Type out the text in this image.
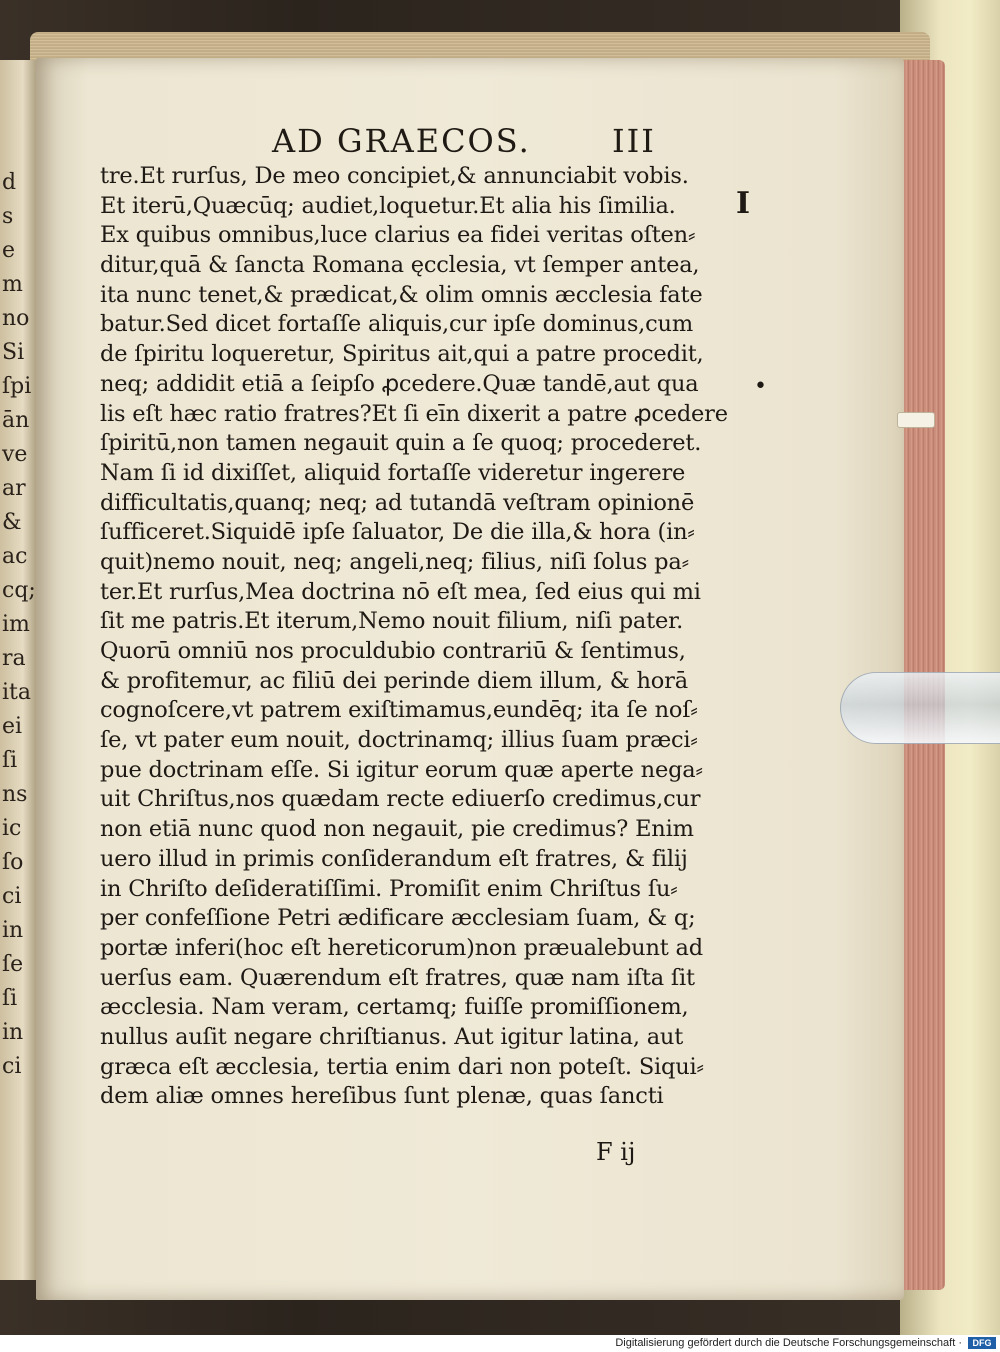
d
s
e
m
no
Si
ſpi
ān
ve
ar
&
ac
cq;
im
ra
ita
ei
ſi
ns
ic
ſo
ci
in
ſe
ſi
in
ci
AD GRAECOS.	III
tre.Et rurſus, De meo concipiet,& annunciabit vobis.
Et iterū,Quæcūq; audiet,loquetur.Et alia his ſimilia.
Ex quibus omnibus,luce clarius ea fidei veritas oſten⸗
ditur,quā & ſancta Romana ęcclesia, vt ſemper antea,
ita nunc tenet,& prædicat,& olim omnis æcclesia fate
batur.Sed dicet fortaſſe aliquis,cur ipſe dominus,cum
de ſpiritu loqueretur, Spiritus ait,qui a patre procedit,
neq; addidit etiā a ſeipſo ꝓcedere.Quæ tandē,aut qua
lis eſt hæc ratio fratres?Et ſi eīn dixerit a patre ꝓcedere
ſpiritū,non tamen negauit quin a ſe quoq; procederet.
Nam ſi id dixiſſet, aliquid fortaſſe videretur ingerere
difficultatis,quanq; neq; ad tutandā veſtram opinionē
ſufficeret.Siquidē ipſe ſaluator, De die illa,& hora (in⸗
quit)nemo nouit, neq; angeli,neq; filius, niſi ſolus pa⸗
ter.Et rurſus,Mea doctrina nō eſt mea, ſed eius qui mi
ſit me patris.Et iterum,Nemo nouit filium, niſi pater.
Quorū omniū nos proculdubio contrariū & ſentimus,
& profitemur, ac filiū dei perinde diem illum, & horā
cognoſcere,vt patrem exiſtimamus,eundēq; ita ſe noſ⸗
ſe, vt pater eum nouit, doctrinamq; illius ſuam præci⸗
pue doctrinam eſſe. Si igitur eorum quæ aperte nega⸗
uit Chriſtus,nos quædam recte ediuerſo credimus,cur
non etiā nunc quod non negauit, pie credimus? Enim
uero illud in primis conſiderandum eſt fratres, & filij
in Chriſto deſideratiſſimi. Promiſit enim Chriſtus ſu⸗
per confeſſione Petri ædificare æcclesiam ſuam, & q;
portæ inferi(hoc eſt hereticorum)non præualebunt ad
uerſus eam. Quærendum eſt fratres, quæ nam iſta ſit
æcclesia. Nam veram, certamq; fuiſſe promiſſionem,
nullus auſit negare chriſtianus. Aut igitur latina, aut
græca eſt æcclesia, tertia enim dari non poteſt. Siqui⸗
dem aliæ omnes hereſibus ſunt plenæ, quas ſancti
F ij
I
•
Digitalisierung gefördert durch die Deutsche Forschungsgemeinschaft ·	DFG
